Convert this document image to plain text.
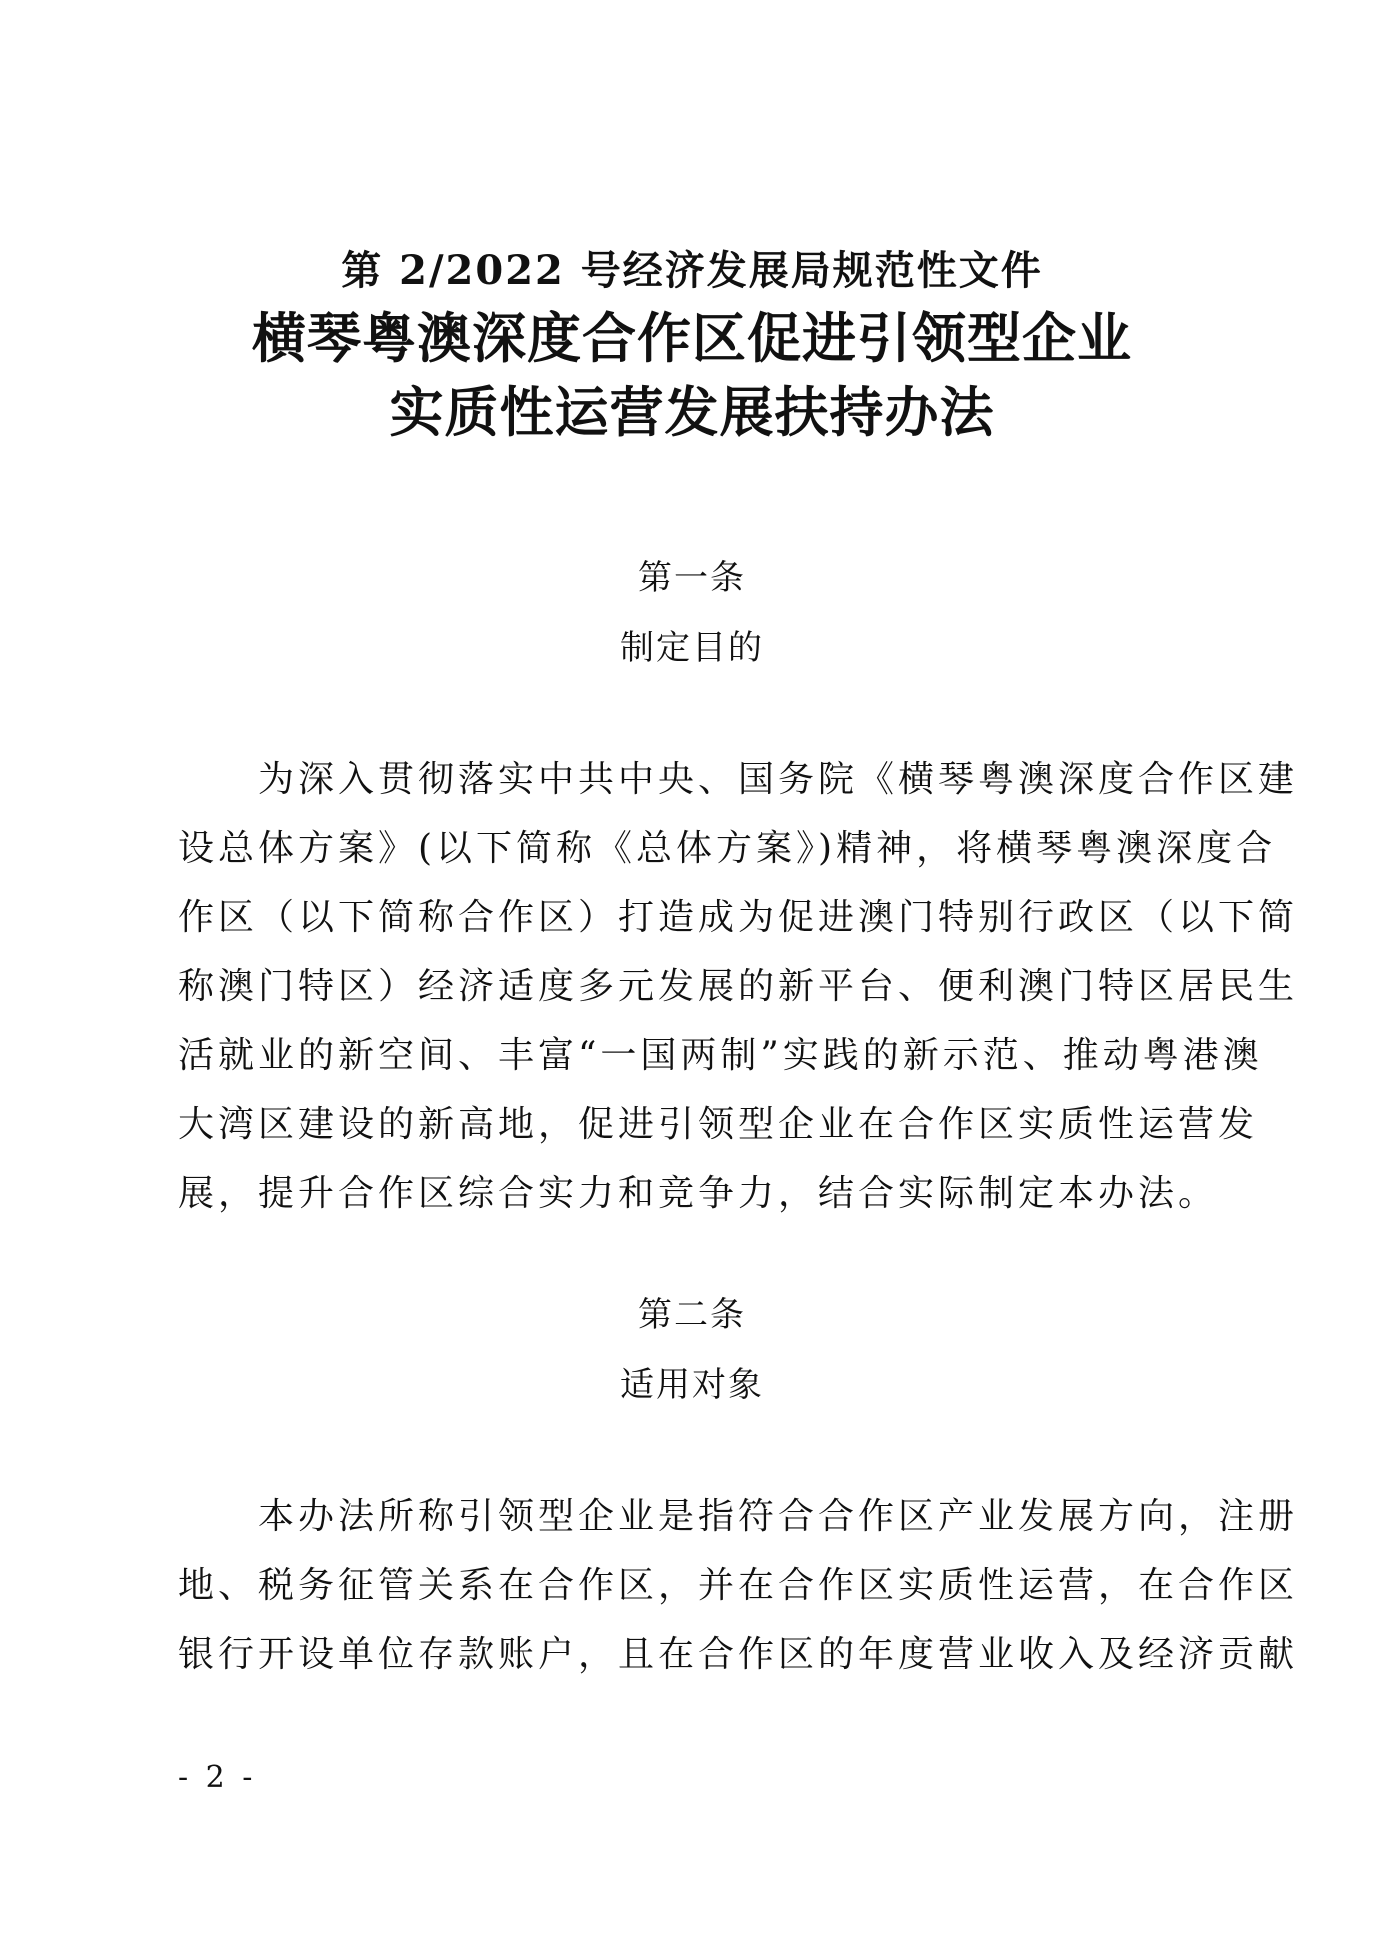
第 2/2022 号经济发展局规范性文件
横琴粤澳深度合作区促进引领型企业
实质性运营发展扶持办法
第一条
制定目的
为深入贯彻落实中共中央、国务院《横琴粤澳深度合作区建
设总体方案》(以下简称《总体方案》)精神，将横琴粤澳深度合
作区（以下简称合作区）打造成为促进澳门特别行政区（以下简
称澳门特区）经济适度多元发展的新平台、便利澳门特区居民生
活就业的新空间、丰富“一国两制”实践的新示范、推动粤港澳
大湾区建设的新高地，促进引领型企业在合作区实质性运营发
展，提升合作区综合实力和竞争力，结合实际制定本办法。
第二条
适用对象
本办法所称引领型企业是指符合合作区产业发展方向，注册
地、税务征管关系在合作区，并在合作区实质性运营，在合作区
银行开设单位存款账户，且在合作区的年度营业收入及经济贡献
- 2 -
